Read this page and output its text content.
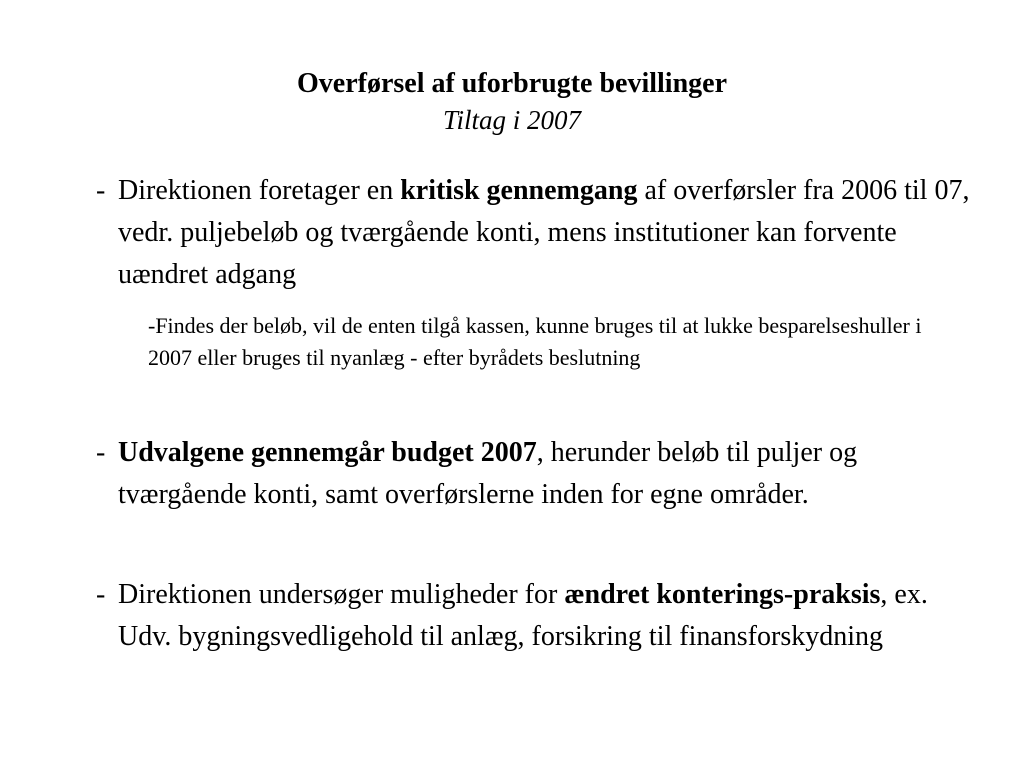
Overførsel af uforbrugte bevillinger

Tiltag i 2007

- Direktionen foretager en kritisk gennemgang af overførsler fra 2006 til 07, vedr. puljebeløb og tværgående konti, mens institutioner kan forvente uændret adgang

-Findes der beløb, vil de enten tilgå kassen, kunne bruges til at lukke besparelseshuller i 2007 eller bruges til nyanlæg - efter byrådets beslutning

- Udvalgene gennemgår budget 2007, herunder beløb til puljer og tværgående konti, samt overførslerne inden for egne områder.

- Direktionen undersøger muligheder for ændret konterings-praksis, ex. Udv. bygningsvedligehold til anlæg, forsikring til finansforskydning
